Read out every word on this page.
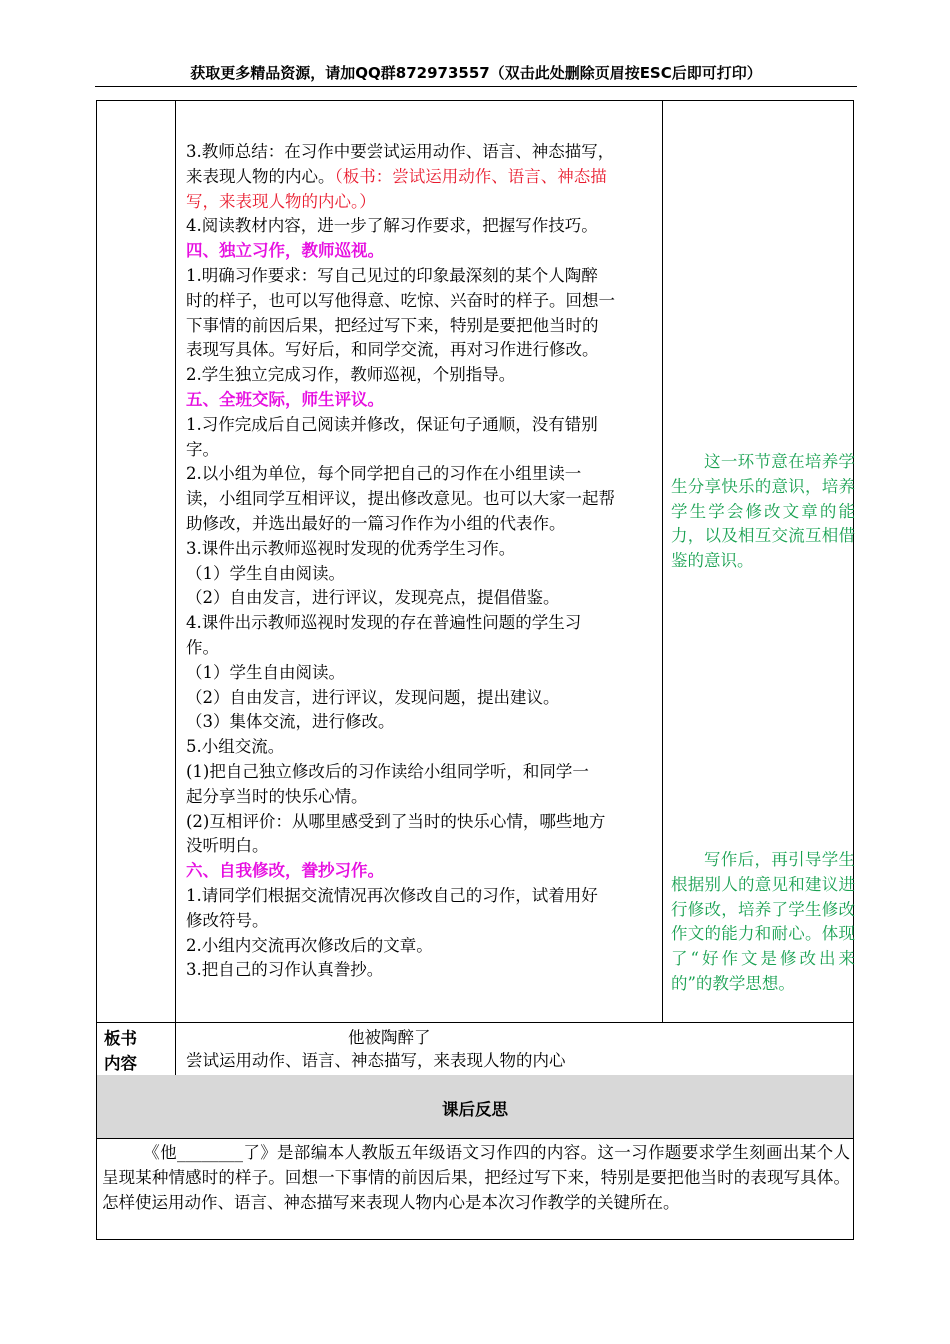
获取更多精品资源，请加QQ群872973557（双击此处删除页眉按ESC后即可打印）

3.教师总结：在习作中要尝试运用动作、语言、神态描写，

来表现人物的内心。（板书：尝试运用动作、语言、神态描

写，来表现人物的内心。）

4.阅读教材内容，进一步了解习作要求，把握写作技巧。

四、独立习作，教师巡视。

1.明确习作要求：写自己见过的印象最深刻的某个人陶醉

时的样子，也可以写他得意、吃惊、兴奋时的样子。回想一

下事情的前因后果，把经过写下来，特别是要把他当时的

表现写具体。写好后，和同学交流，再对习作进行修改。

2.学生独立完成习作，教师巡视，个别指导。

五、全班交际，师生评议。

1.习作完成后自己阅读并修改，保证句子通顺，没有错别

字。

2.以小组为单位，每个同学把自己的习作在小组里读一

读，小组同学互相评议，提出修改意见。也可以大家一起帮

助修改，并选出最好的一篇习作作为小组的代表作。

3.课件出示教师巡视时发现的优秀学生习作。

（1）学生自由阅读。

（2）自由发言，进行评议，发现亮点，提倡借鉴。

4.课件出示教师巡视时发现的存在普遍性问题的学生习

作。

（1）学生自由阅读。

（2）自由发言，进行评议，发现问题，提出建议。

（3）集体交流，进行修改。

5.小组交流。

(1)把自己独立修改后的习作读给小组同学听，和同学一

起分享当时的快乐心情。

(2)互相评价：从哪里感受到了当时的快乐心情，哪些地方

没听明白。

六、自我修改，誊抄习作。

1.请同学们根据交流情况再次修改自己的习作，试着用好

修改符号。

2.小组内交流再次修改后的文章。

3.把自己的习作认真誊抄。

这一环节意在培养学生分享快乐的意识，培养学生学会修改文章的能力，以及相互交流互相借鉴的意识。

写作后，再引导学生根据别人的意见和建议进行修改，培养了学生修改作文的能力和耐心。体现了“好作文是修改出来的”的教学思想。

板书
内容
他被陶醉了
尝试运用动作、语言、神态描写，来表现人物的内心
课后反思

《他________了》是部编本人教版五年级语文习作四的内容。这一习作题要求学生刻画出某个人呈现某种情感时的样子。回想一下事情的前因后果，把经过写下来，特别是要把他当时的表现写具体。怎样使运用动作、语言、神态描写来表现人物内心是本次习作教学的关键所在。
